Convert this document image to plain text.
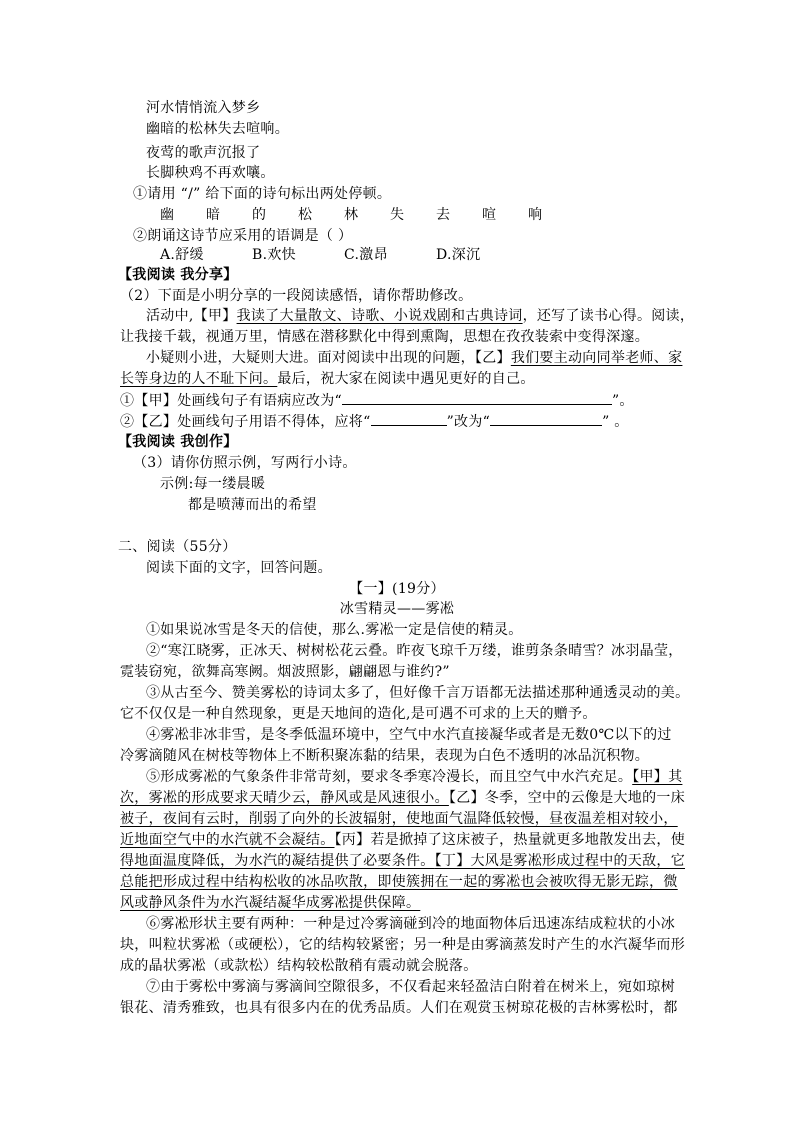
河水情悄流入梦乡
幽暗的松林失去喧响。
夜莺的歌声沉报了
长脚秧鸡不再欢嚷。
①请用 “/” 给下面的诗句标出两处停顿。
幽 暗 的 松 林 失 去 喧 响
②朗诵这诗节应采用的语调是（ ）
A.舒缓	B.欢快	C.激昂	D.深沉
【我阅读 我分享】
（2）下面是小明分享的一段阅读感悟，请你帮助修改。
活动中,【甲】我读了大量散文、诗歌、小说戏剧和古典诗词，还写了读书心得。阅读，
让我接千载，视通万里，情感在潜移默化中得到熏陶，思想在孜孜装索中变得深邃。
小疑则小进，大疑则大进。面对阅读中出现的问题，【乙】我们要主动向同举老师、家
长等身边的人不耻下问。最后，祝大家在阅读中遇见更好的自己。
①【甲】处画线句子有语病应改为“	”。
②【乙】处画线句子用语不得体，应将“	”改为“	” 。
【我阅读 我创作】
（3）请你仿照示例，写两行小诗。
示例:每一缕晨暖
都是喷薄而出的希望
二、阅读（55分）
阅读下面的文字，回答问题。
【一】(19分）
冰雪精灵——雾凇
①如果说冰雪是冬天的信使，那么.雾凇一定是信使的精灵。
②“寒江晓雾，正冰天、树树松花云叠。昨夜飞琼千万缕，谁剪条条晴雪？冰羽晶莹，
霓装窃宛，欲舞高寒阙。烟波照影，翩翩恩与谁约?”
③从古至今、赞美雾松的诗词太多了，但好像千言万语都无法描述那种通透灵动的美。
它不仅仅是一种自然现象，更是天地间的造化,是可遇不可求的上天的赠予。
④雾凇非冰非雪，是冬季低温环境中，空气中水汽直接凝华或者是无数0℃以下的过
冷雾滴随风在树枝等物体上不断积聚冻黏的结果，表现为白色不透明的冰品沉积物。
⑤形成雾凇的气象条件非常苛刻，要求冬季寒冷漫长，而且空气中水汽充足。【甲】其
次，雾凇的形成要求天晴少云，静风或是风速很小。【乙】冬季，空中的云像是大地的一床
被子，夜间有云时，削弱了向外的长波辐射，使地面气温降低较慢，昼夜温差相对较小，
近地面空气中的水汽就不会凝结。【丙】若是掀掉了这床被子，热量就更多地散发出去，使
得地面温度降低，为水汽的凝结提供了必要条件。【丁】大风是雾凇形成过程中的天敌，它
总能把形成过程中结构松收的冰品吹散，即使簇拥在一起的雾凇也会被吹得无影无踪，微
风或静风条件为水汽凝结凝华成雾凇提供保障。
⑥雾凇形状主要有两种：一种是过冷雾滴碰到冷的地面物体后迅速冻结成粒状的小冰
块，叫粒状雾凇（或硬松），它的结构较紧密；另一种是由雾滴蒸发时产生的水汽凝华而形
成的晶状雾凇（或款松）结构较松散稍有震动就会脱落。
⑦由于雾松中雾滴与雾滴间空隙很多，不仅看起来轻盈洁白附着在树米上，宛如琼树
银花、清秀雅致，也具有很多内在的优秀品质。人们在观赏玉树琼花极的吉林雾松时，都
